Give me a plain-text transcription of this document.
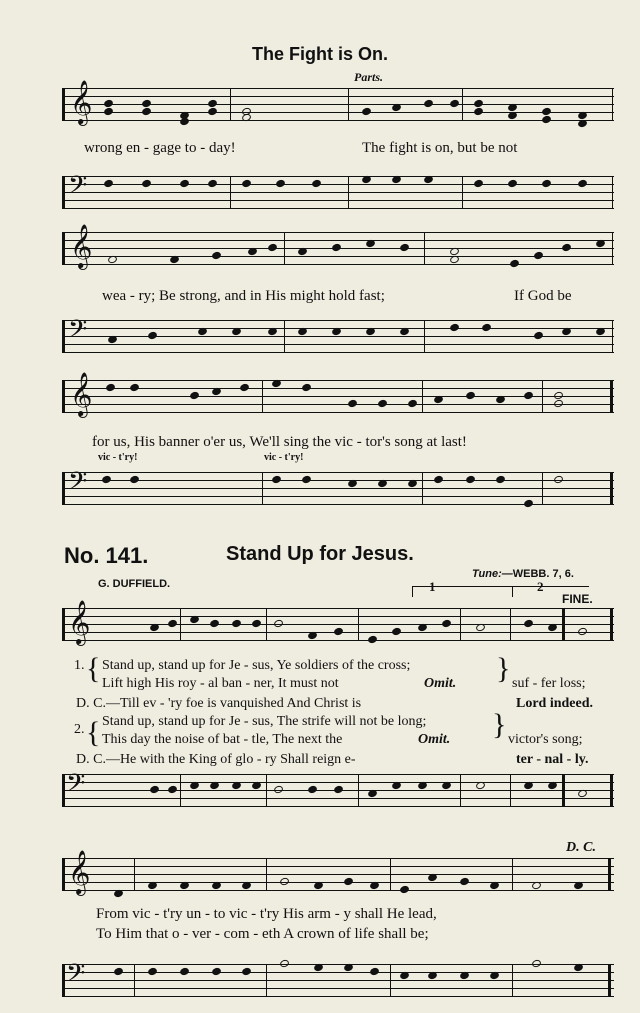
The Fight is On.
Parts.
𝄞
wrong en - gage to - day!	The fight is on, but be not
𝄢
𝄞
wea - ry; Be strong, and in His might hold fast;	If God be
𝄢
𝄞
for us, His banner o'er us, We'll sing the vic - tor's song at last!
vic - t'ry!	vic - t'ry!
𝄢
No. 141.	Stand Up for Jesus.
G. DUFFIELD.
Tune:—WEBB. 7, 6.
1	2
FINE.
𝄞
1. { Stand up, stand up for Je - sus, Ye soldiers of the cross;
Lift high His roy - al ban - ner, It must not	Omit. } suf - fer loss;
D. C.—Till ev - 'ry foe is vanquished And Christ is	Lord indeed.
2. { Stand up, stand up for Je - sus, The strife will not be long;
This day the noise of bat - tle, The next the	Omit. } victor's song;
D. C.—He with the King of glo - ry Shall reign e-	ter - nal - ly.
𝄢
D. C.
𝄞
From vic - t'ry un - to vic - t'ry His arm - y shall He lead,
To Him that o - ver - com - eth A crown of life shall be;
𝄢
